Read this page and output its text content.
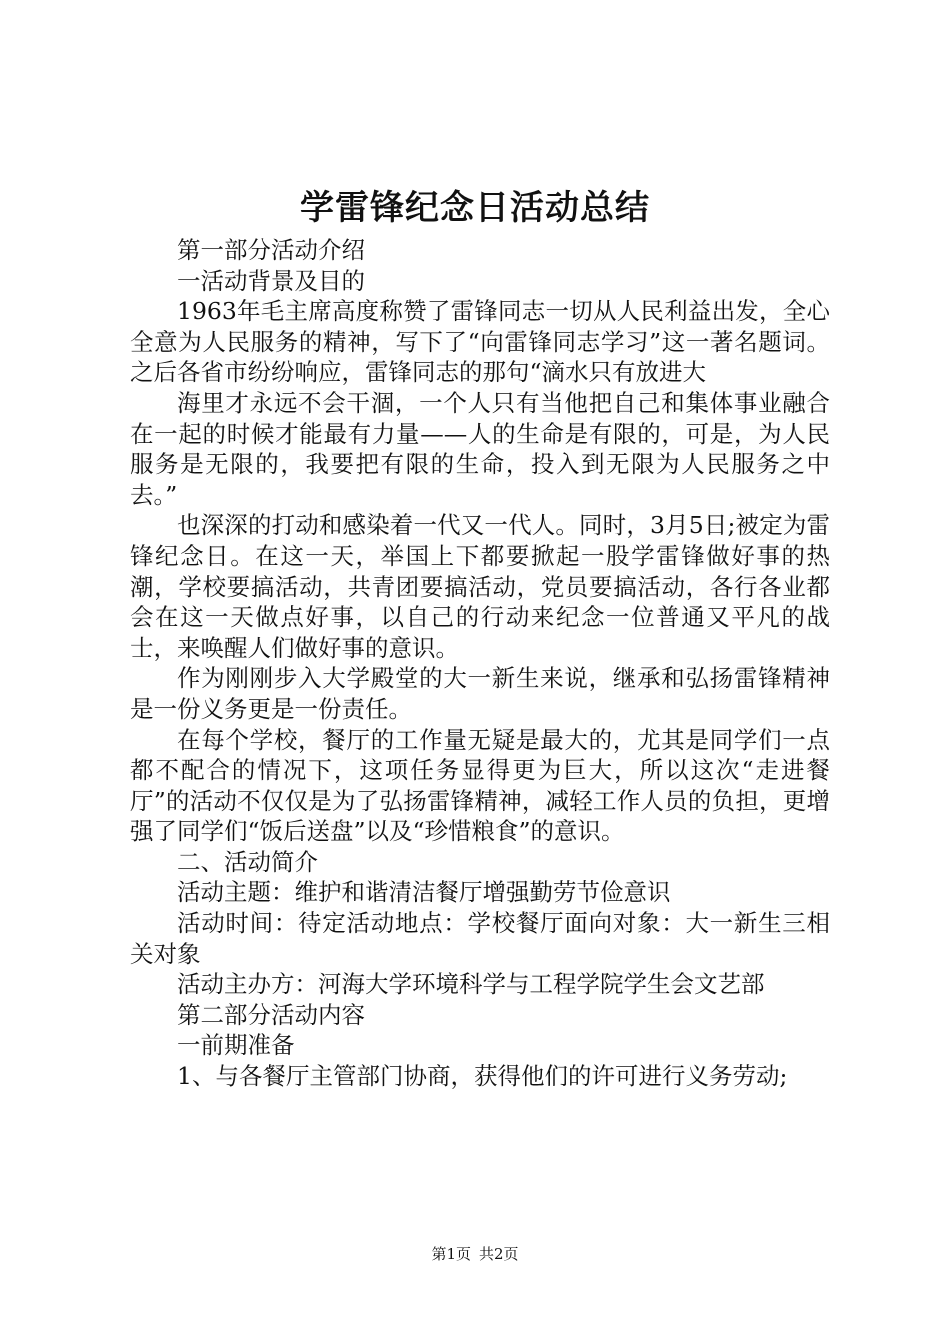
学雷锋纪念日活动总结

第一部分活动介绍

一活动背景及目的

1963年毛主席高度称赞了雷锋同志一切从人民利益出发，全心全意为人民服务的精神，写下了“向雷锋同志学习”这一著名题词。之后各省市纷纷响应，雷锋同志的那句“滴水只有放进大

海里才永远不会干涸，一个人只有当他把自己和集体事业融合在一起的时候才能最有力量——人的生命是有限的，可是，为人民服务是无限的，我要把有限的生命，投入到无限为人民服务之中去。”

也深深的打动和感染着一代又一代人。同时，3月5日;被定为雷锋纪念日。在这一天，举国上下都要掀起一股学雷锋做好事的热潮，学校要搞活动，共青团要搞活动，党员要搞活动，各行各业都会在这一天做点好事，以自己的行动来纪念一位普通又平凡的战士，来唤醒人们做好事的意识。

作为刚刚步入大学殿堂的大一新生来说，继承和弘扬雷锋精神是一份义务更是一份责任。

在每个学校，餐厅的工作量无疑是最大的，尤其是同学们一点都不配合的情况下，这项任务显得更为巨大，所以这次“走进餐厅”的活动不仅仅是为了弘扬雷锋精神，减轻工作人员的负担，更增强了同学们“饭后送盘”以及“珍惜粮食”的意识。

二、活动简介

活动主题：维护和谐清洁餐厅增强勤劳节俭意识

活动时间：待定活动地点：学校餐厅面向对象：大一新生三相关对象

活动主办方：河海大学环境科学与工程学院学生会文艺部

第二部分活动内容

一前期准备

1、与各餐厅主管部门协商，获得他们的许可进行义务劳动;

第1页 共2页
